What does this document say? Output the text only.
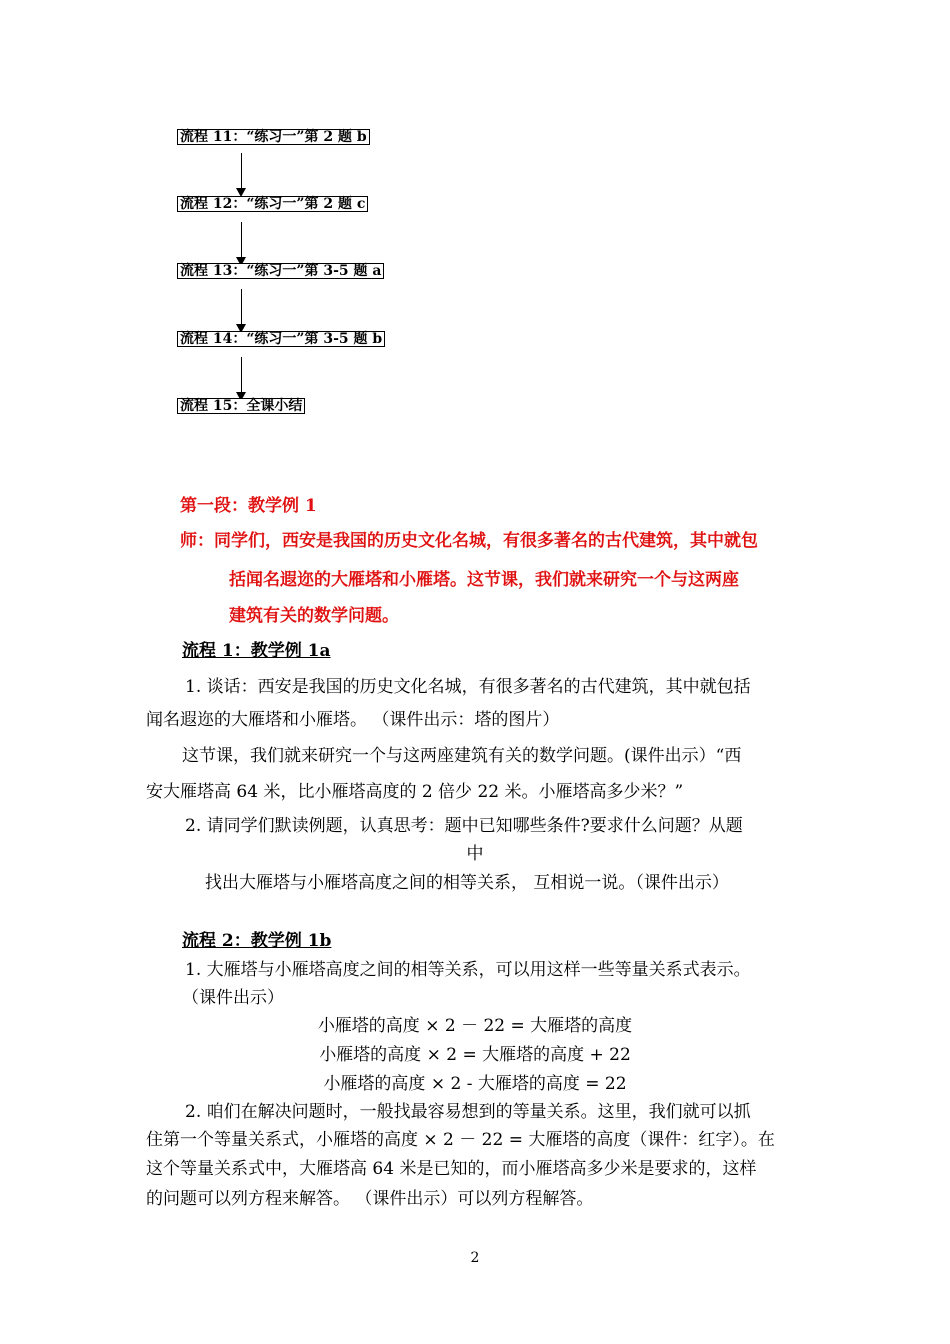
流程 11：“练习一”第 2 题 b
流程 12：“练习一”第 2 题 c
流程 13：“练习一”第 3-5 题 a
流程 14：“练习一”第 3-5 题 b
流程 15：全课小结
第一段：教学例 1
师：同学们，西安是我国的历史文化名城，有很多著名的古代建筑，其中就包
括闻名遐迩的大雁塔和小雁塔。这节课，我们就来研究一个与这两座
建筑有关的数学问题。
流程 1：教学例 1a
1. 谈话：西安是我国的历史文化名城，有很多著名的古代建筑，其中就包括
闻名遐迩的大雁塔和小雁塔。 （课件出示：塔的图片）
这节课，我们就来研究一个与这两座建筑有关的数学问题。(课件出示）“西
安大雁塔高 64 米，比小雁塔高度的 2 倍少 22 米。小雁塔高多少米？”
2. 请同学们默读例题，认真思考：题中已知哪些条件?要求什么问题？从题
中
找出大雁塔与小雁塔高度之间的相等关系， 互相说一说。（课件出示）
流程 2：教学例 1b
1. 大雁塔与小雁塔高度之间的相等关系，可以用这样一些等量关系式表示。
（课件出示）
小雁塔的高度 × 2 － 22 = 大雁塔的高度
小雁塔的高度 × 2 = 大雁塔的高度 + 22
小雁塔的高度 × 2 - 大雁塔的高度 = 22
2. 咱们在解决问题时，一般找最容易想到的等量关系。这里，我们就可以抓
住第一个等量关系式，小雁塔的高度 × 2 － 22 = 大雁塔的高度（课件：红字）。在
这个等量关系式中，大雁塔高 64 米是已知的，而小雁塔高多少米是要求的，这样
的问题可以列方程来解答。 （课件出示）可以列方程解答。
2
